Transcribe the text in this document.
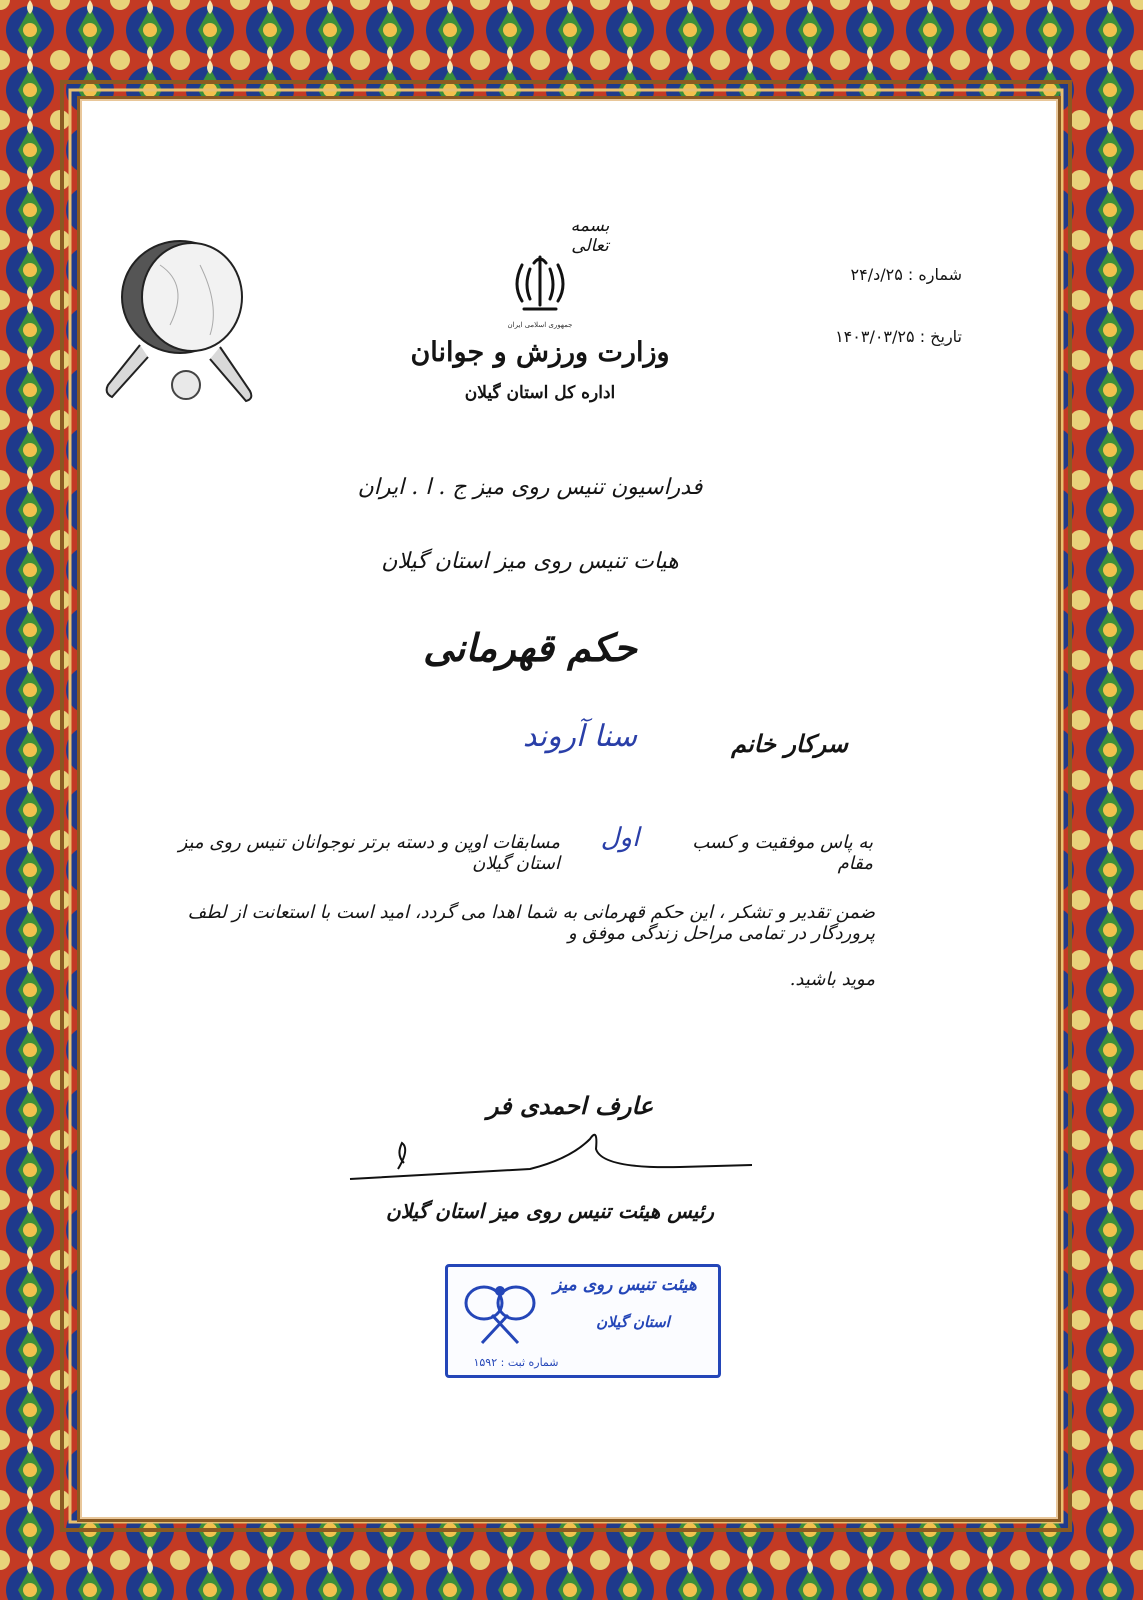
بسمه تعالی
جمهوری اسلامی ایران
وزارت ورزش و جوانان
اداره کل استان گیلان
شماره : ۲۵/د/۲۴
تاریخ : ۱۴۰۳/۰۳/۲۵
فدراسیون تنیس روی میز ج . ا . ایران
هیات تنیس روی میز استان گیلان
حکم قهرمانی
سرکار خانم
سنا آروند
به پاس موفقیت و کسب مقام
اول
مسابقات اوپن و دسته برتر نوجوانان تنیس روی میز استان گیلان
ضمن تقدیر و تشکر ، این حکم قهرمانی به شما اهدا می گردد، امید است با استعانت از لطف پروردگار در تمامی مراحل زندگی موفق و
موید باشید.
عارف احمدی فر
رئیس هیئت تنیس روی میز استان گیلان
هیئت تنیس روی میز
استان گیلان
شماره ثبت : ۱۵۹۲
